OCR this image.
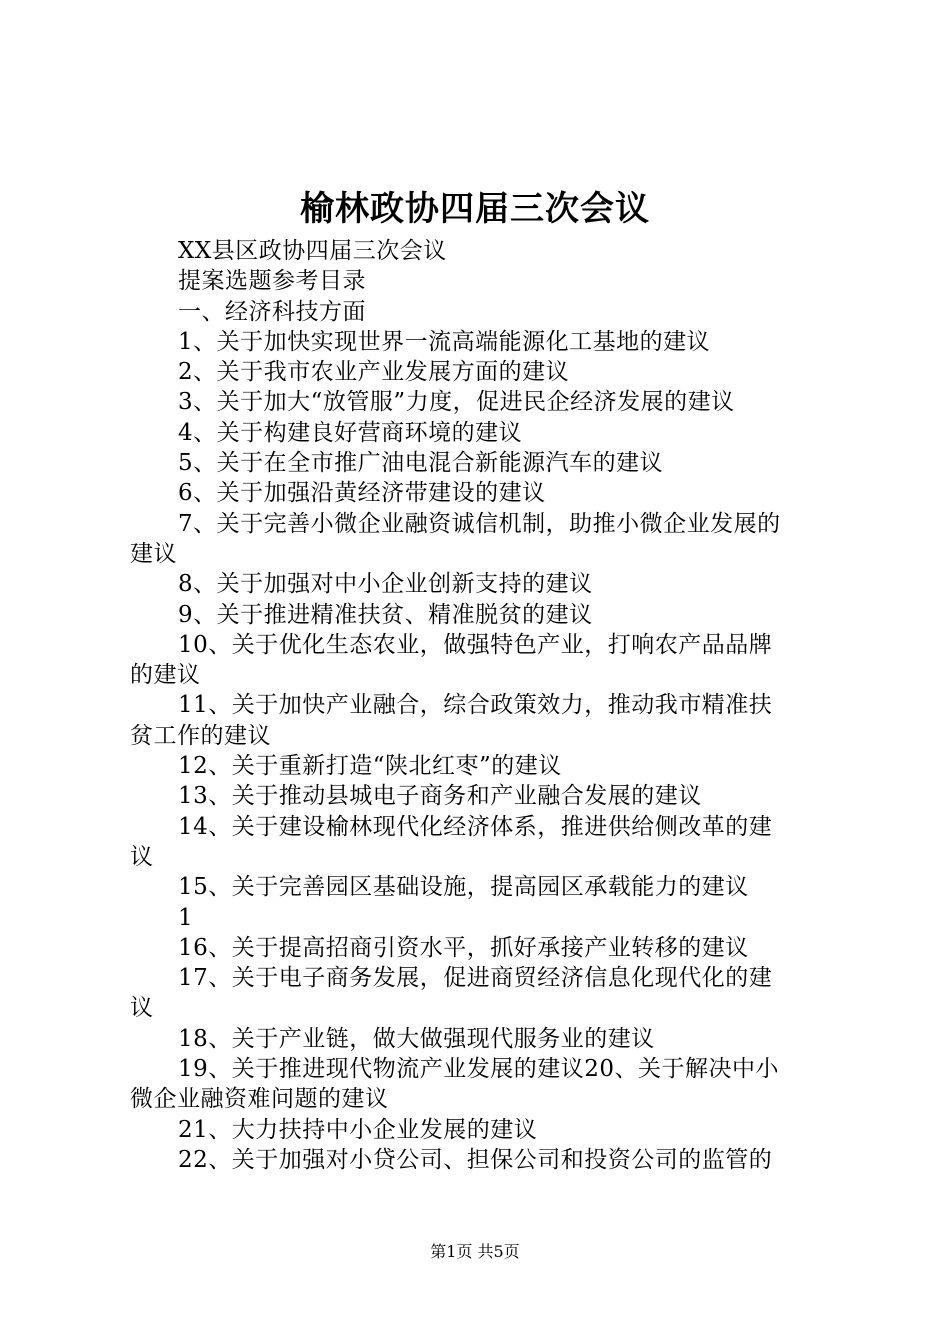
榆林政协四届三次会议
XX县区政协四届三次会议
提案选题参考目录
一、经济科技方面
1、关于加快实现世界一流高端能源化工基地的建议
2、关于我市农业产业发展方面的建议
3、关于加大“放管服”力度，促进民企经济发展的建议
4、关于构建良好营商环境的建议
5、关于在全市推广油电混合新能源汽车的建议
6、关于加强沿黄经济带建设的建议
7、关于完善小微企业融资诚信机制，助推小微企业发展的
建议
8、关于加强对中小企业创新支持的建议
9、关于推进精准扶贫、精准脱贫的建议
10、关于优化生态农业，做强特色产业，打响农产品品牌
的建议
11、关于加快产业融合，综合政策效力，推动我市精准扶
贫工作的建议
12、关于重新打造“陕北红枣”的建议
13、关于推动县城电子商务和产业融合发展的建议
14、关于建设榆林现代化经济体系，推进供给侧改革的建
议
15、关于完善园区基础设施，提高园区承载能力的建议
1
16、关于提高招商引资水平，抓好承接产业转移的建议
17、关于电子商务发展，促进商贸经济信息化现代化的建
议
18、关于产业链，做大做强现代服务业的建议
19、关于推进现代物流产业发展的建议20、关于解决中小
微企业融资难问题的建议
21、大力扶持中小企业发展的建议
22、关于加强对小贷公司、担保公司和投资公司的监管的
第1页 共5页
